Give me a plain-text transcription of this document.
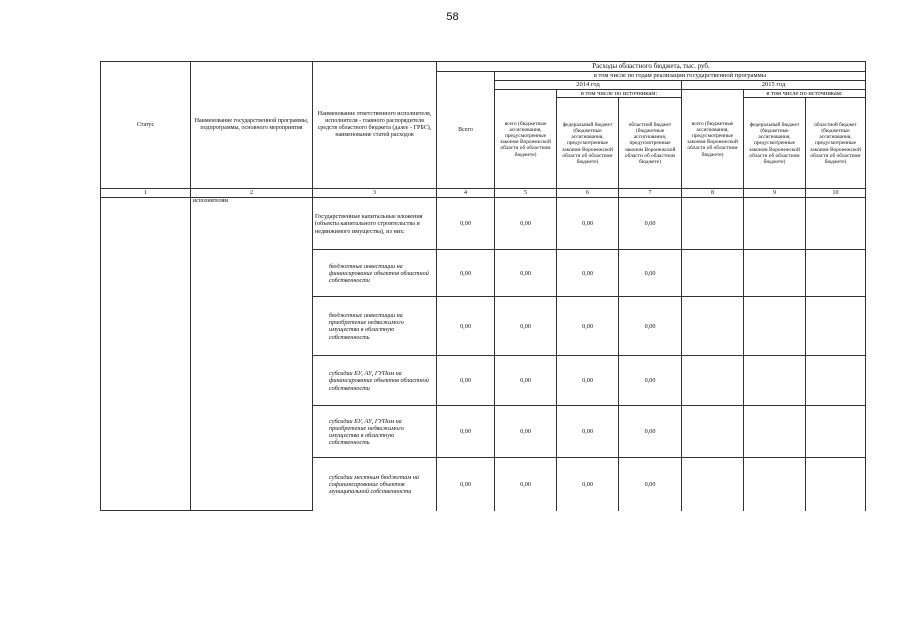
58
Статус	Наименование государственной программы, подпрограммы, основного мероприятия	Наименование ответственного исполнителя, исполнителя - главного распорядителя средств областного бюджета (далее - ГРБС), наименование статей расходов	Расходы областного бюджета, тыс. руб.						
			Всего	в том числе по годам реализации государственной программы					
				2014 год			2015 год		
				всего (бюджетные ассигнования, предусмотренные законом Воронежской области об областном бюджете)	в том числе по источникам:		всего (бюджетные ассигнования, предусмотренные законом Воронежской области об областном бюджете)	в том числе по источникам:	
					федеральный бюджет (бюджетные ассигнования, предусмотренные законом Воронежской области об областном бюджете)	областной бюджет (бюджетные ассигнования, предусмотренные законом Воронежской области об областном бюджете)		федеральный бюджет (бюджетные ассигнования, предусмотренные законом Воронежской области об областном бюджете)	областной бюджет (бюджетные ассигнования, предусмотренные законом Воронежской области об областном бюджете)
1	2	3	4	5	6	7	8	9	10
	исполнителям	Государственные капитальные вложения (объекты капитального строительства и недвижимого имущества), из них:	0,00	0,00	0,00	0,00			
		бюджетные инвестиции на финансирование объектов областной собственности	0,00	0,00	0,00	0,00			
		бюджетные инвестиции на приобретение недвижимого имущества в областную собственность	0,00	0,00	0,00	0,00			
		субсидии БУ, АУ, ГУПам на финансирование объектов областной собственности	0,00	0,00	0,00	0,00			
		субсидии БУ, АУ, ГУПам на приобретение недвижимого имущества в областную собственность	0,00	0,00	0,00	0,00			
		субсидии местным бюджетам на софинансирование объектов муниципальной собственности	0,00	0,00	0,00	0,00			
